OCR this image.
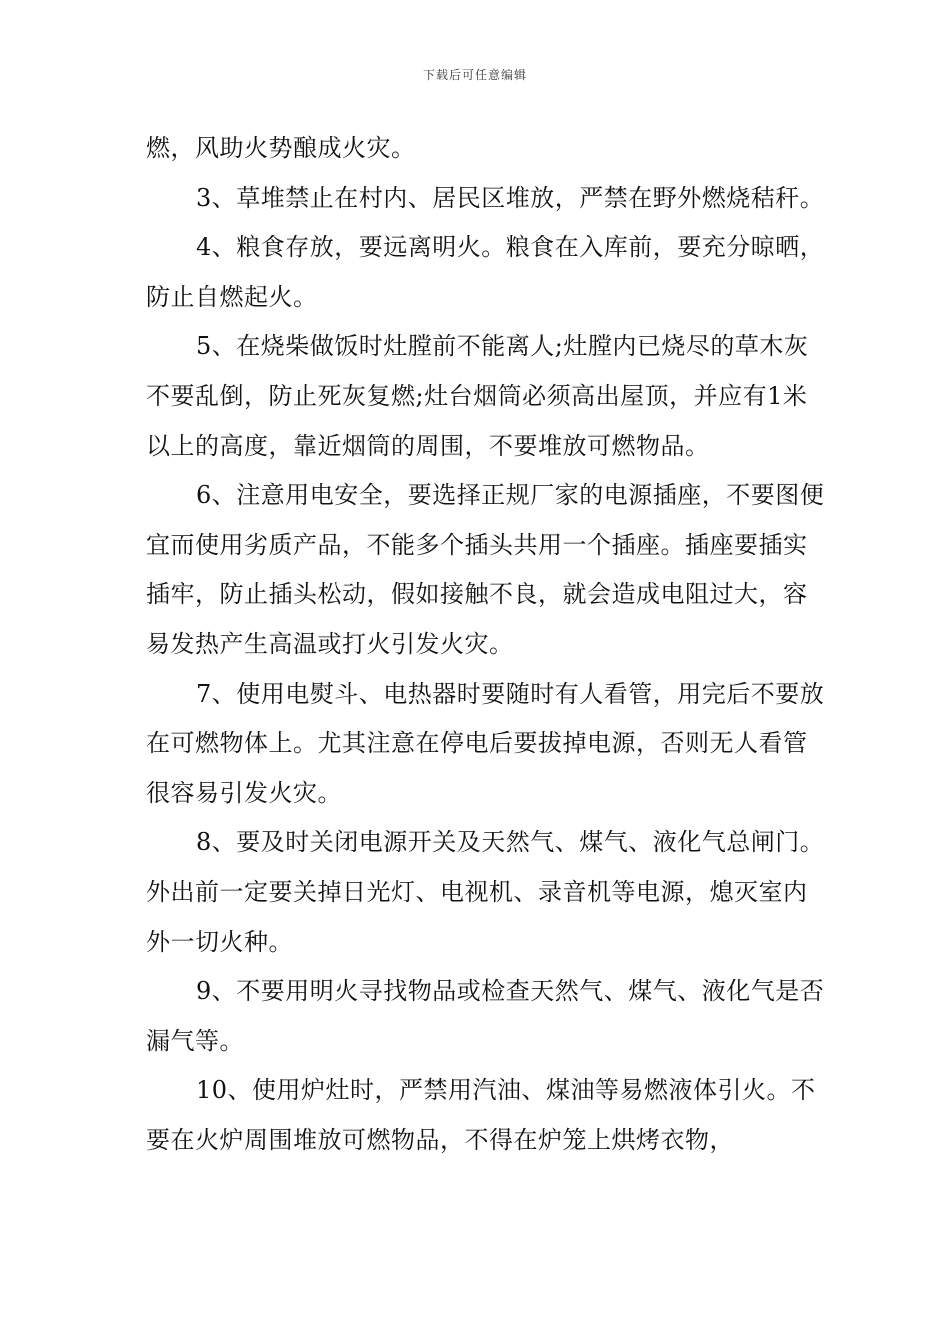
下载后可任意编辑

燃，风助火势酿成火灾。

3、草堆禁止在村内、居民区堆放，严禁在野外燃烧秸秆。

4、粮食存放，要远离明火。粮食在入库前，要充分晾晒，防止自燃起火。

5、在烧柴做饭时灶膛前不能离人;灶膛内已烧尽的草木灰不要乱倒，防止死灰复燃;灶台烟筒必须高出屋顶，并应有1米以上的高度，靠近烟筒的周围，不要堆放可燃物品。

6、注意用电安全，要选择正规厂家的电源插座，不要图便宜而使用劣质产品，不能多个插头共用一个插座。插座要插实插牢，防止插头松动，假如接触不良，就会造成电阻过大，容易发热产生高温或打火引发火灾。

7、使用电熨斗、电热器时要随时有人看管，用完后不要放在可燃物体上。尤其注意在停电后要拔掉电源，否则无人看管很容易引发火灾。

8、要及时关闭电源开关及天然气、煤气、液化气总闸门。外出前一定要关掉日光灯、电视机、录音机等电源，熄灭室内外一切火种。

9、不要用明火寻找物品或检查天然气、煤气、液化气是否漏气等。

10、使用炉灶时，严禁用汽油、煤油等易燃液体引火。不要在火炉周围堆放可燃物品，不得在炉笼上烘烤衣物，
